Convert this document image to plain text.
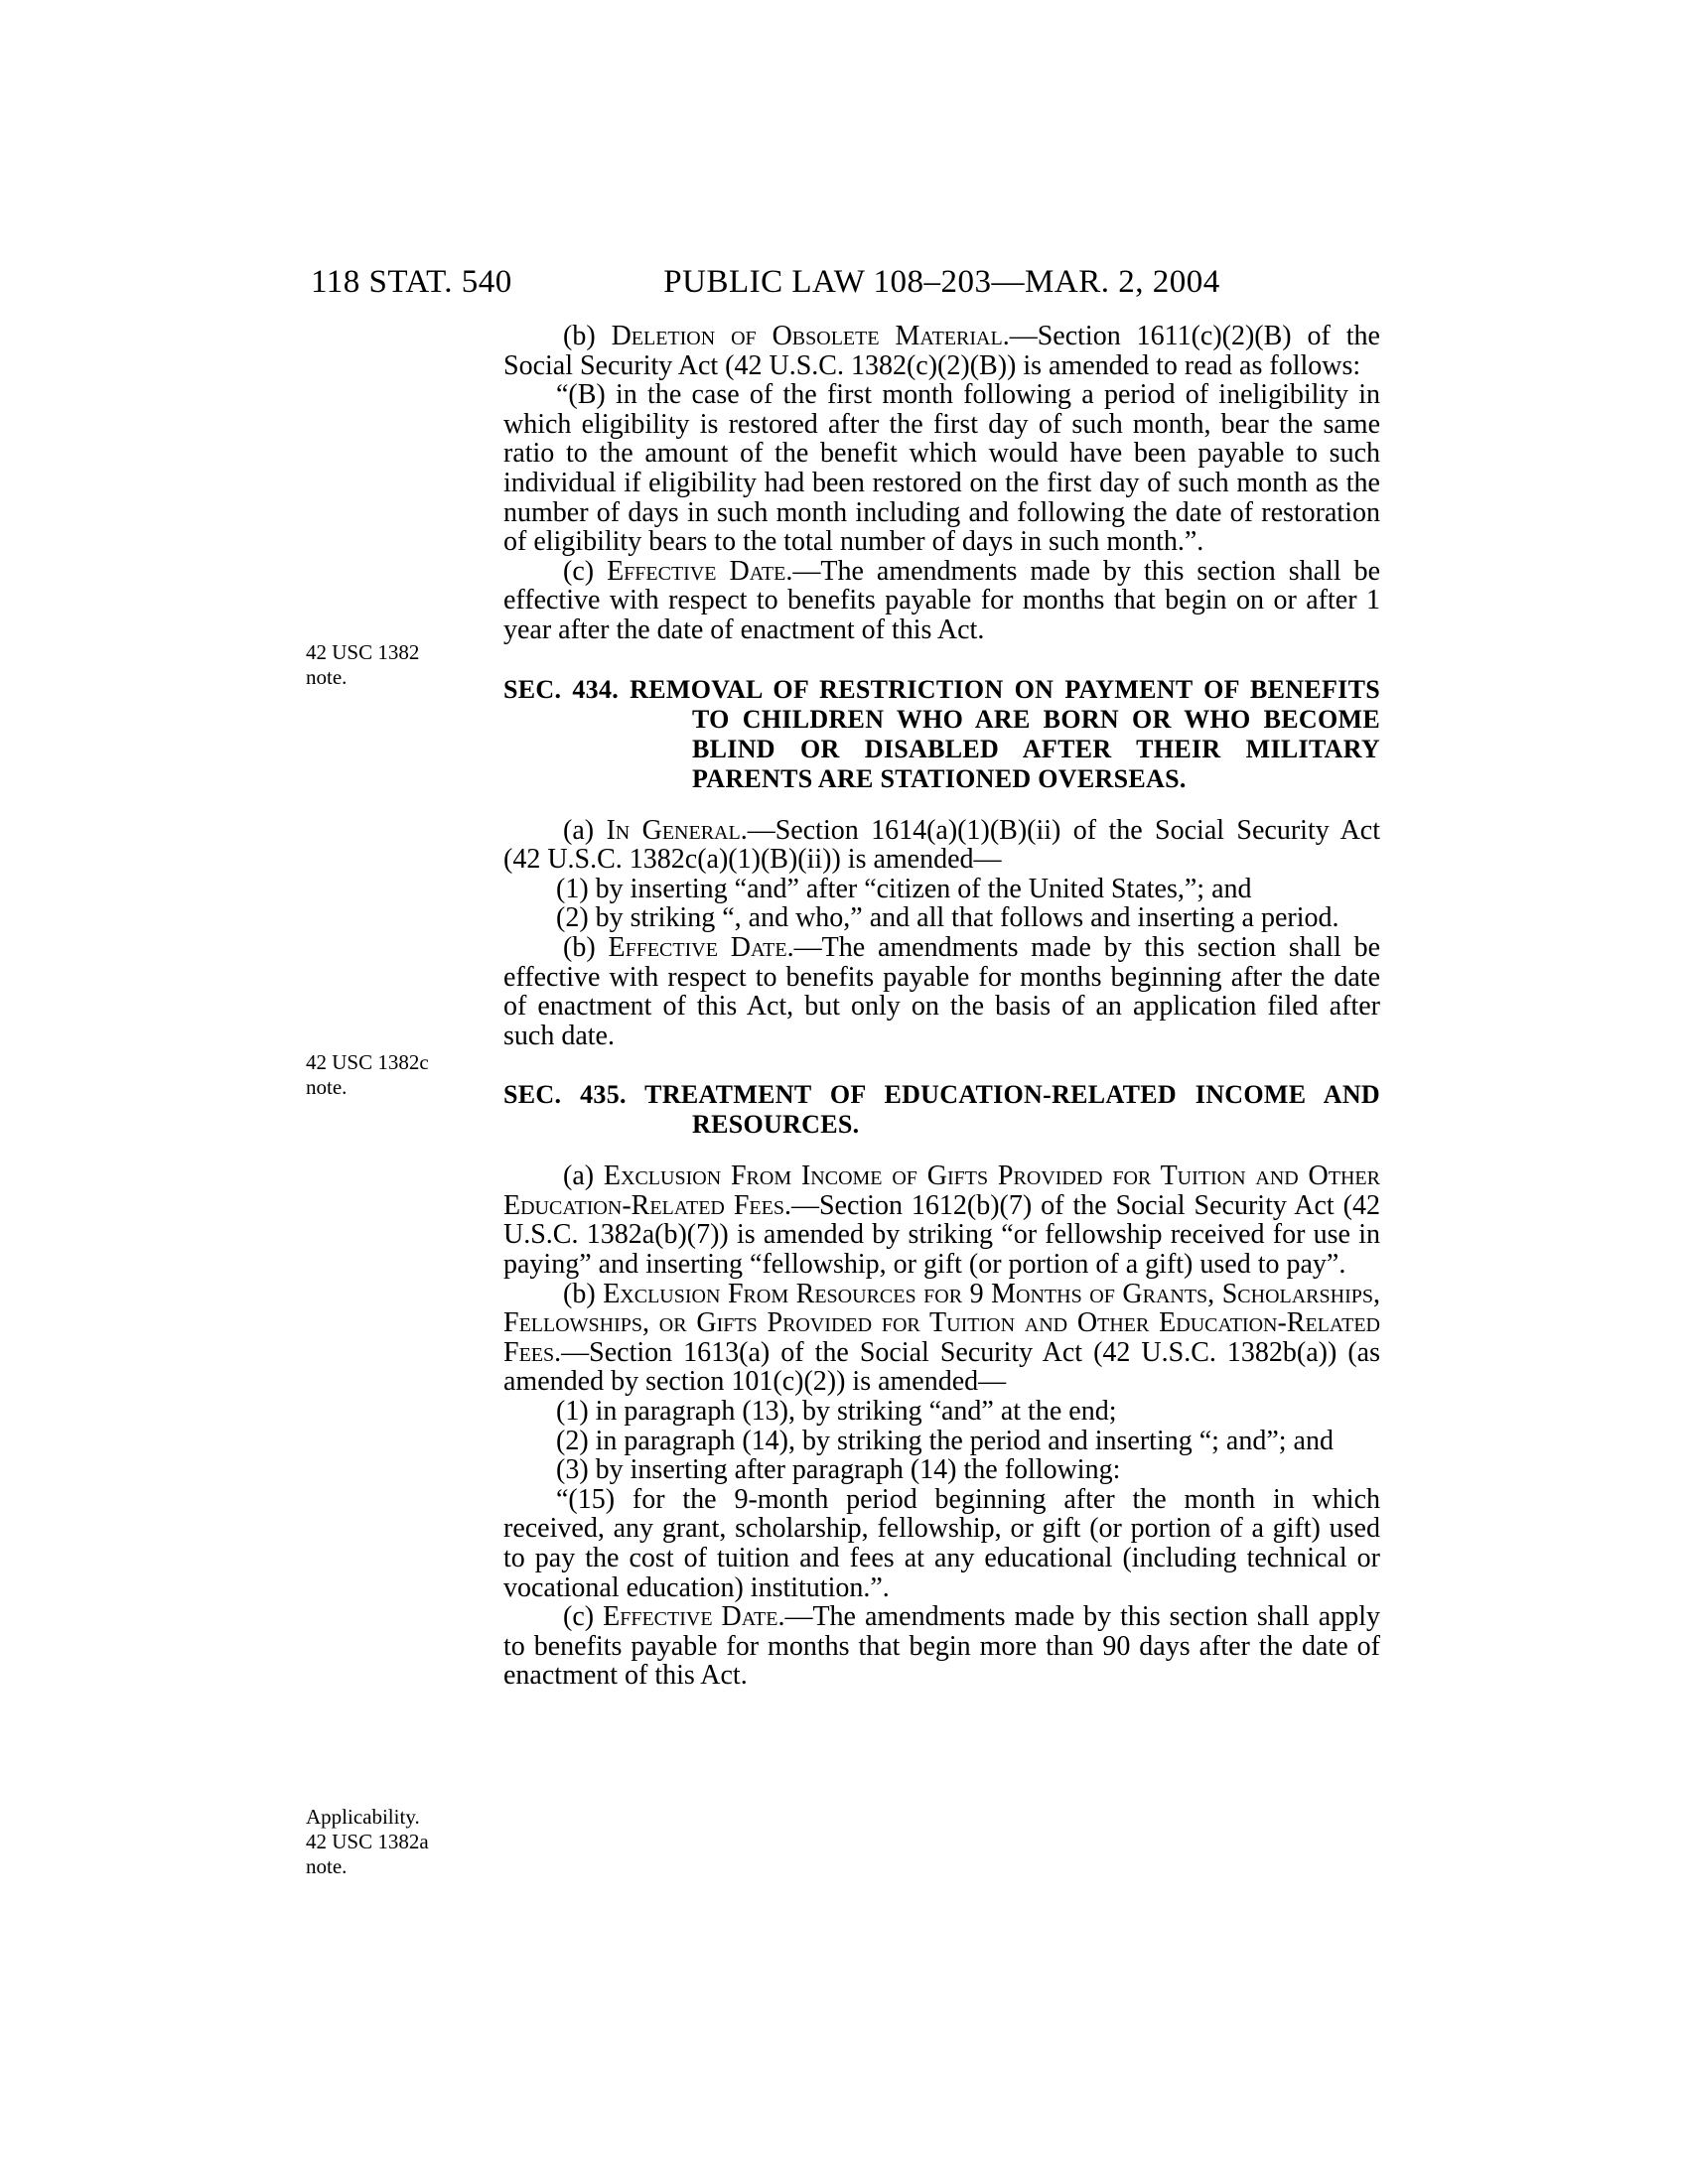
118 STAT. 540	PUBLIC LAW 108–203—MAR. 2, 2004
42 USC 1382
note.
42 USC 1382c
note.
Applicability.
42 USC 1382a
note.

(b) Deletion of Obsolete Material.—Section 1611(c)(2)(B) of the Social Security Act (42 U.S.C. 1382(c)(2)(B)) is amended to read as follows:

“(B) in the case of the first month following a period of ineligibility in which eligibility is restored after the first day of such month, bear the same ratio to the amount of the benefit which would have been payable to such individual if eligibility had been restored on the first day of such month as the number of days in such month including and following the date of restoration of eligibility bears to the total number of days in such month.”.

(c) Effective Date.—The amendments made by this section shall be effective with respect to benefits payable for months that begin on or after 1 year after the date of enactment of this Act.

SEC. 434. REMOVAL OF RESTRICTION ON PAYMENT OF BENEFITS TO CHILDREN WHO ARE BORN OR WHO BECOME BLIND OR DISABLED AFTER THEIR MILITARY PARENTS ARE STATIONED OVERSEAS.

(a) In General.—Section 1614(a)(1)(B)(ii) of the Social Security Act (42 U.S.C. 1382c(a)(1)(B)(ii)) is amended—

(1) by inserting “and” after “citizen of the United States,”; and

(2) by striking “, and who,” and all that follows and inserting a period.

(b) Effective Date.—The amendments made by this section shall be effective with respect to benefits payable for months beginning after the date of enactment of this Act, but only on the basis of an application filed after such date.

SEC. 435. TREATMENT OF EDUCATION-RELATED INCOME AND RESOURCES.

(a) Exclusion From Income of Gifts Provided for Tuition and Other Education-Related Fees.—Section 1612(b)(7) of the Social Security Act (42 U.S.C. 1382a(b)(7)) is amended by striking “or fellowship received for use in paying” and inserting “fellowship, or gift (or portion of a gift) used to pay”.

(b) Exclusion From Resources for 9 Months of Grants, Scholarships, Fellowships, or Gifts Provided for Tuition and Other Education-Related Fees.—Section 1613(a) of the Social Security Act (42 U.S.C. 1382b(a)) (as amended by section 101(c)(2)) is amended—

(1) in paragraph (13), by striking “and” at the end;

(2) in paragraph (14), by striking the period and inserting “; and”; and

(3) by inserting after paragraph (14) the following:

“(15) for the 9-month period beginning after the month in which received, any grant, scholarship, fellowship, or gift (or portion of a gift) used to pay the cost of tuition and fees at any educational (including technical or vocational education) institution.”.

(c) Effective Date.—The amendments made by this section shall apply to benefits payable for months that begin more than 90 days after the date of enactment of this Act.
